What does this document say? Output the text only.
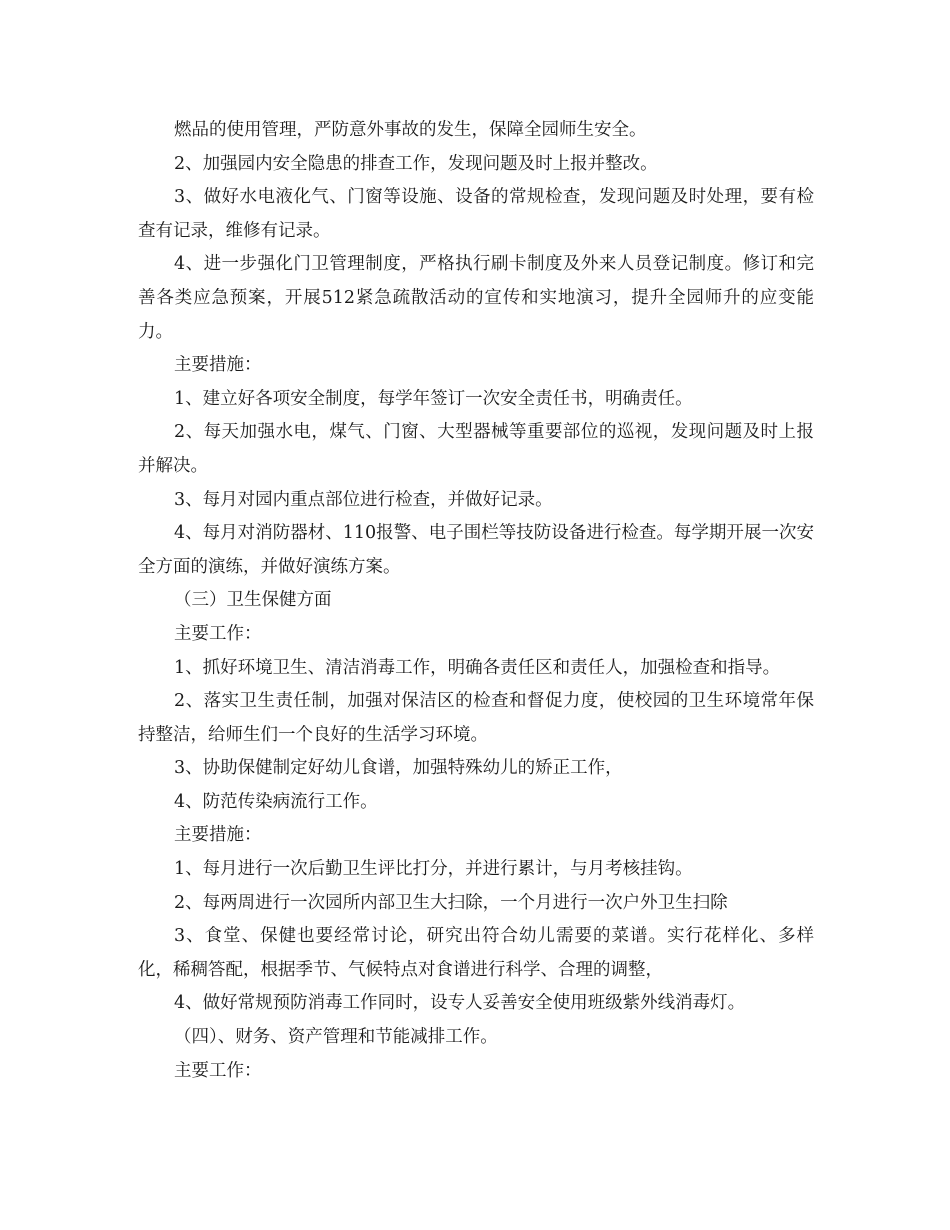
燃品的使用管理，严防意外事故的发生，保障全园师生安全。

2、加强园内安全隐患的排查工作，发现问题及时上报并整改。

3、做好水电液化气、门窗等设施、设备的常规检查，发现问题及时处理，要有检查有记录，维修有记录。

4、进一步强化门卫管理制度，严格执行刷卡制度及外来人员登记制度。修订和完善各类应急预案，开展512紧急疏散活动的宣传和实地演习，提升全园师升的应变能力。

主要措施：

1、建立好各项安全制度，每学年签订一次安全责任书，明确责任。

2、每天加强水电，煤气、门窗、大型器械等重要部位的巡视，发现问题及时上报并解决。

3、每月对园内重点部位进行检查，并做好记录。

4、每月对消防器材、110报警、电子围栏等技防设备进行检查。每学期开展一次安全方面的演练，并做好演练方案。

（三）卫生保健方面

主要工作：

1、抓好环境卫生、清洁消毒工作，明确各责任区和责任人，加强检查和指导。

2、落实卫生责任制，加强对保洁区的检查和督促力度，使校园的卫生环境常年保持整洁，给师生们一个良好的生活学习环境。

3、协助保健制定好幼儿食谱，加强特殊幼儿的矫正工作，

4、防范传染病流行工作。

主要措施：

1、每月进行一次后勤卫生评比打分，并进行累计，与月考核挂钩。

2、每两周进行一次园所内部卫生大扫除，一个月进行一次户外卫生扫除

3、食堂、保健也要经常讨论，研究出符合幼儿需要的菜谱。实行花样化、多样化，稀稠答配，根据季节、气候特点对食谱进行科学、合理的调整，

4、做好常规预防消毒工作同时，设专人妥善安全使用班级紫外线消毒灯。

（四）、财务、资产管理和节能减排工作。

主要工作：
